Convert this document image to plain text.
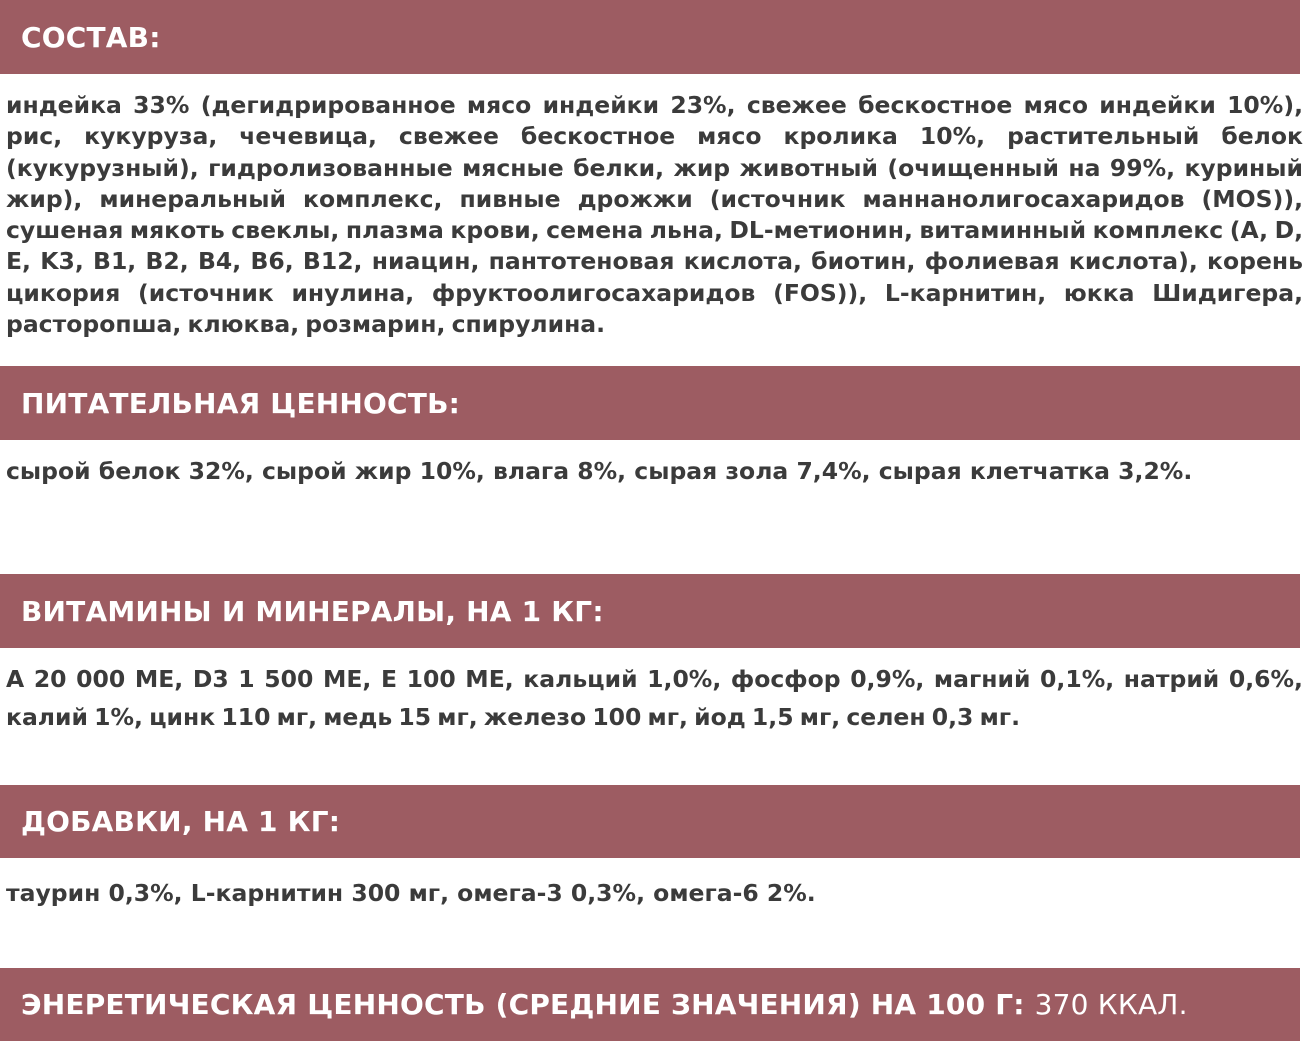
СОСТАВ:

индейка 33% (дегидрированное мясо индейки 23%, свежее бескостное мясо индейки 10%), рис, кукуруза, чечевица, свежее бескостное мясо кролика 10%, растительный белок (кукурузный), гидролизованные мясные белки, жир животный (очищенный на 99%, куриный жир), минеральный комплекс, пивные дрожжи (источник маннанолигосахаридов (MOS)), сушеная мякоть свеклы, плазма крови, семена льна, DL-метионин, витаминный комплекс (A, D, E, K3, B1, B2, B4, B6, B12, ниацин, пантотеновая кислота, биотин, фолиевая кислота), корень цикория (источник инулина, фруктоолигосахаридов (FOS)), L-карнитин, юкка Шидигера, расторопша, клюква, розмарин, спирулина.

ПИТАТЕЛЬНАЯ ЦЕННОСТЬ:

сырой белок 32%, сырой жир 10%, влага 8%, сырая зола 7,4%, сырая клетчатка 3,2%.

ВИТАМИНЫ И МИНЕРАЛЫ, НА 1 КГ:

A 20 000 МЕ, D3 1 500 МЕ, E 100 МЕ, кальций 1,0%, фосфор 0,9%, магний 0,1%, натрий 0,6%, калий 1%, цинк 110 мг, медь 15 мг, железо 100 мг, йод 1,5 мг, селен 0,3 мг.

ДОБАВКИ, НА 1 КГ:

таурин 0,3%, L-карнитин 300 мг, омега-3 0,3%, омега-6 2%.

ЭНЕРЕТИЧЕСКАЯ ЦЕННОСТЬ (СРЕДНИЕ ЗНАЧЕНИЯ) НА 100 Г: 370 ККАЛ.
